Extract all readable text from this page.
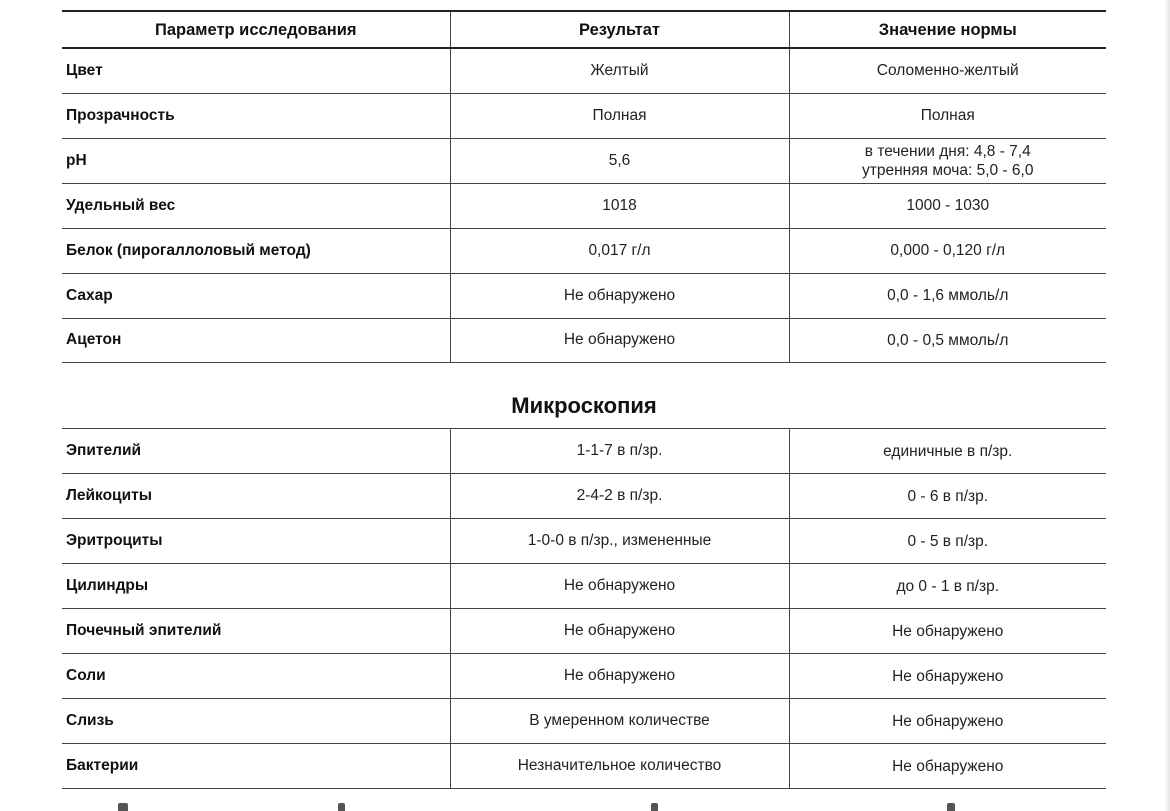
Параметр исследования	Результат	Значение нормы
Цвет	Желтый	Соломенно-желтый

Прозрачность	Полная	Полная

pH	5,6	в течении дня: 4,8 - 7,4
утренняя моча: 5,0 - 6,0

Удельный вес	1018	1000 - 1030

Белок (пирогаллоловый метод)	0,017 г/л	0,000 - 0,120 г/л

Сахар	Не обнаружено	0,0 - 1,6 ммоль/л

Ацетон	Не обнаружено	0,0 - 0,5 ммоль/л
Микроскопия
Эпителий	1-1-7 в п/зр.	единичные в п/зр.

Лейкоциты	2-4-2 в п/зр.	0 - 6 в п/зр.

Эритроциты	1-0-0 в п/зр., измененные	0 - 5 в п/зр.

Цилиндры	Не обнаружено	до 0 - 1 в п/зр.

Почечный эпителий	Не обнаружено	Не обнаружено

Соли	Не обнаружено	Не обнаружено

Слизь	В умеренном количестве	Не обнаружено

Бактерии	Незначительное количество	Не обнаружено
